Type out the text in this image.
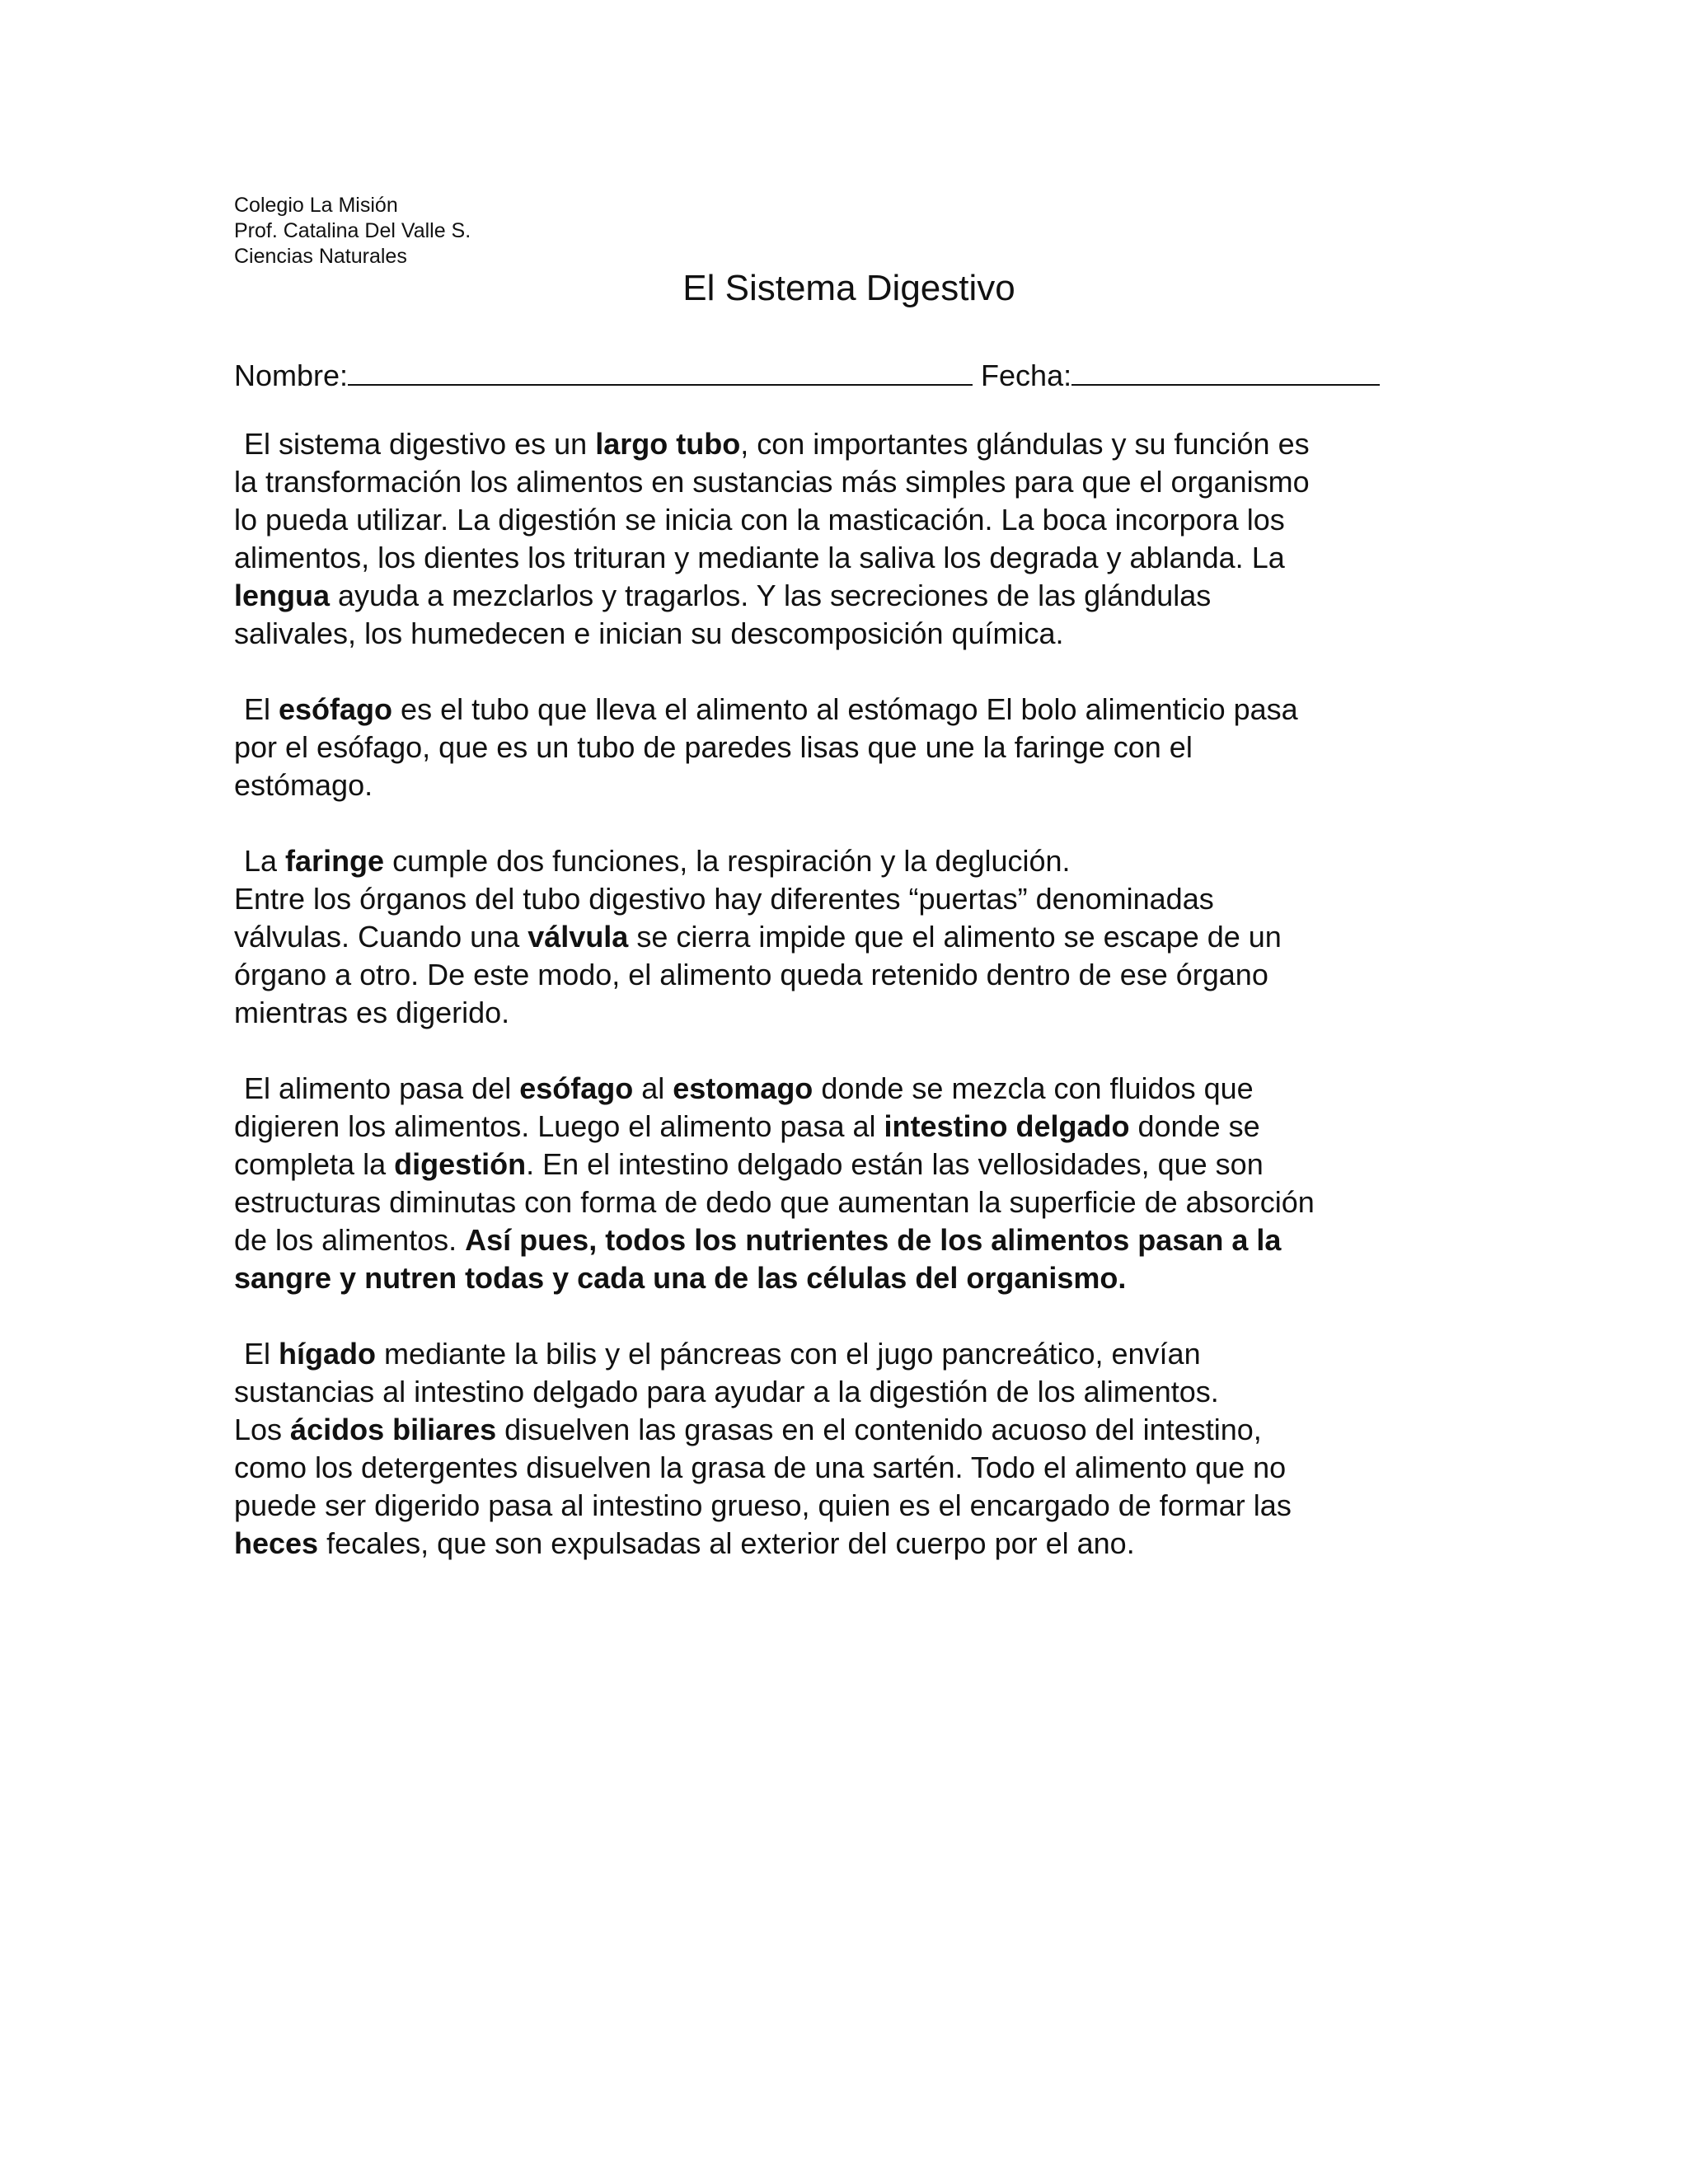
Colegio La Misión
Prof. Catalina Del Valle S.
Ciencias Naturales
El Sistema Digestivo
Nombre:	Fecha:
El sistema digestivo es un largo tubo, con importantes glándulas y su función es
la transformación los alimentos en sustancias más simples para que el organismo
lo pueda utilizar. La digestión se inicia con la masticación. La boca incorpora los
alimentos, los dientes los trituran y mediante la saliva los degrada y ablanda. La
lengua ayuda a mezclarlos y tragarlos. Y las secreciones de las glándulas
salivales, los humedecen e inician su descomposición química.
El esófago es el tubo que lleva el alimento al estómago El bolo alimenticio pasa
por el esófago, que es un tubo de paredes lisas que une la faringe con el
estómago.
La faringe cumple dos funciones, la respiración y la deglución.
Entre los órganos del tubo digestivo hay diferentes “puertas” denominadas
válvulas. Cuando una válvula se cierra impide que el alimento se escape de un
órgano a otro. De este modo, el alimento queda retenido dentro de ese órgano
mientras es digerido.
El alimento pasa del esófago al estomago donde se mezcla con fluidos que
digieren los alimentos. Luego el alimento pasa al intestino delgado donde se
completa la digestión. En el intestino delgado están las vellosidades, que son
estructuras diminutas con forma de dedo que aumentan la superficie de absorción
de los alimentos. Así pues, todos los nutrientes de los alimentos pasan a la
sangre y nutren todas y cada una de las células del organismo.
El hígado mediante la bilis y el páncreas con el jugo pancreático, envían
sustancias al intestino delgado para ayudar a la digestión de los alimentos.
Los ácidos biliares disuelven las grasas en el contenido acuoso del intestino,
como los detergentes disuelven la grasa de una sartén. Todo el alimento que no
puede ser digerido pasa al intestino grueso, quien es el encargado de formar las
heces fecales, que son expulsadas al exterior del cuerpo por el ano.
